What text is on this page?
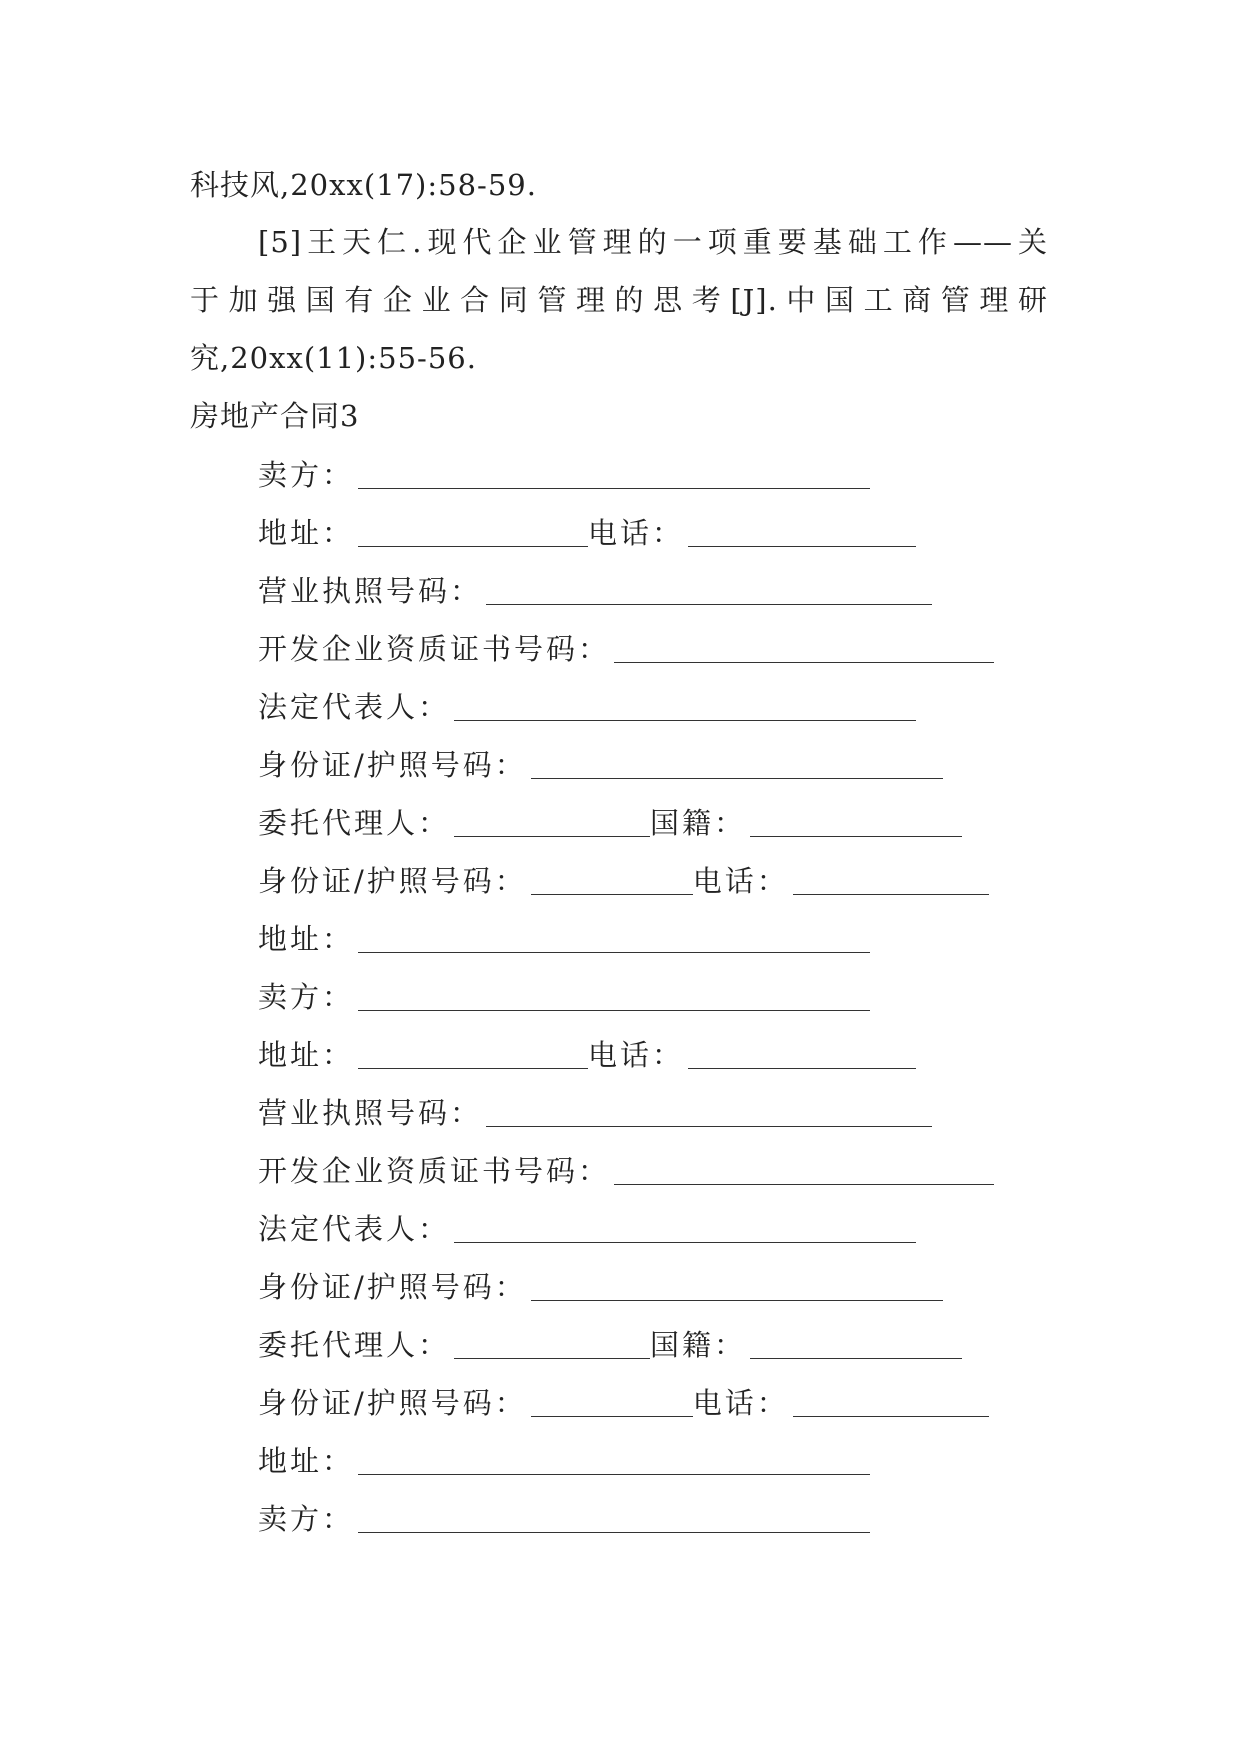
科技风,20xx(17):58-59.
[5]王天仁.现代企业管理的一项重要基础工作——关
于加强国有企业合同管理的思考[J].中国工商管理研
究,20xx(11):55-56.
房地产合同3
卖方：
地址：	电话：
营业执照号码：
开发企业资质证书号码：
法定代表人：
身份证/护照号码：
委托代理人：	国籍：
身份证/护照号码：	电话：
地址：
卖方：
地址：	电话：
营业执照号码：
开发企业资质证书号码：
法定代表人：
身份证/护照号码：
委托代理人：	国籍：
身份证/护照号码：	电话：
地址：
卖方：
